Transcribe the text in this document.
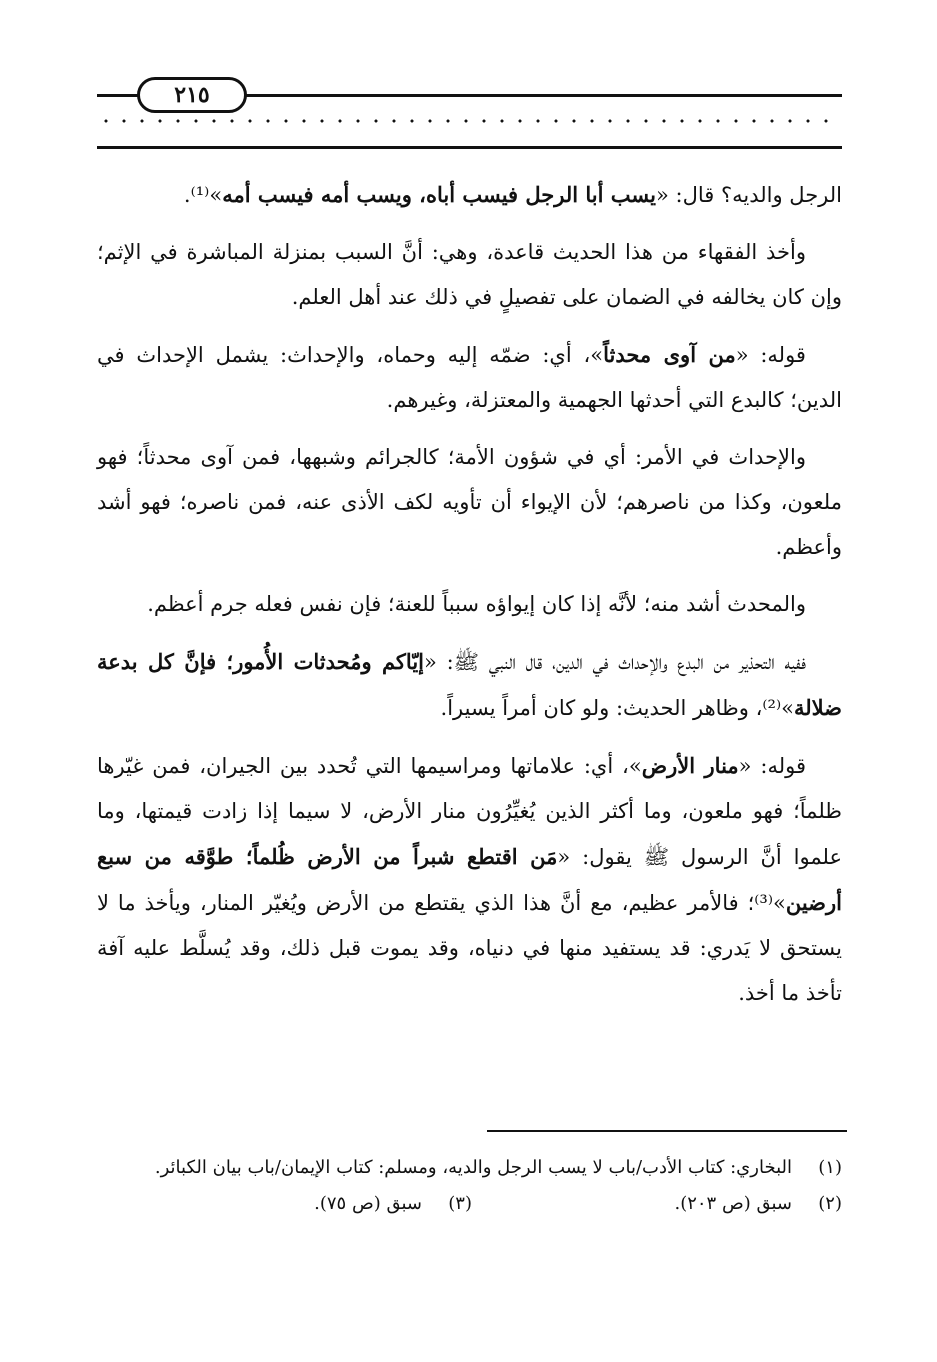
٢١٥

الرجل والديه؟ قال: «يسب أبا الرجل فيسب أباه، ويسب أمه فيسب أمه»⁽¹⁾.

وأخذ الفقهاء من هذا الحديث قاعدة، وهي: أنَّ السبب بمنزلة المباشرة في الإثم؛ وإن كان يخالفه في الضمان على تفصيلٍ في ذلك عند أهل العلم.

قوله: «من آوى محدثاً»، أي: ضمّه إليه وحماه، والإحداث: يشمل الإحداث في الدين؛ كالبدع التي أحدثها الجهمية والمعتزلة، وغيرهم.

والإحداث في الأمر: أي في شؤون الأمة؛ كالجرائم وشبهها، فمن آوى محدثاً؛ فهو ملعون، وكذا من ناصرهم؛ لأن الإيواء أن تأويه لكف الأذى عنه، فمن ناصره؛ فهو أشد وأعظم.

والمحدث أشد منه؛ لأنَّه إذا كان إيواؤه سبباً للعنة؛ فإن نفس فعله جرم أعظم.

ففيه التحذير من البدع والإحداث في الدين، قال النبي ﷺ: «إيّاكم ومُحدثات الأُمور؛ فإنَّ كل بدعة ضلالة»⁽²⁾، وظاهر الحديث: ولو كان أمراً يسيراً.

قوله: «منار الأرض»، أي: علاماتها ومراسيمها التي تُحدد بين الجيران، فمن غيّرها ظلماً؛ فهو ملعون، وما أكثر الذين يُغيِّرُون منار الأرض، لا سيما إذا زادت قيمتها، وما علموا أنَّ الرسول ﷺ يقول: «مَن اقتطع شبراً من الأرض ظُلماً؛ طوَّقه من سبع أرضين»⁽³⁾؛ فالأمر عظيم، مع أنَّ هذا الذي يقتطع من الأرض ويُغيّر المنار، ويأخذ ما لا يستحق لا يَدري: قد يستفيد منها في دنياه، وقد يموت قبل ذلك، وقد يُسلَّط عليه آفة تأخذ ما أخذ.

(١)
البخاري: كتاب الأدب/باب لا يسب الرجل والديه، ومسلم: كتاب الإيمان/باب بيان الكبائر.
(٢)
سبق (ص ٢٠٣).
(٣)
سبق (ص ٧٥).
